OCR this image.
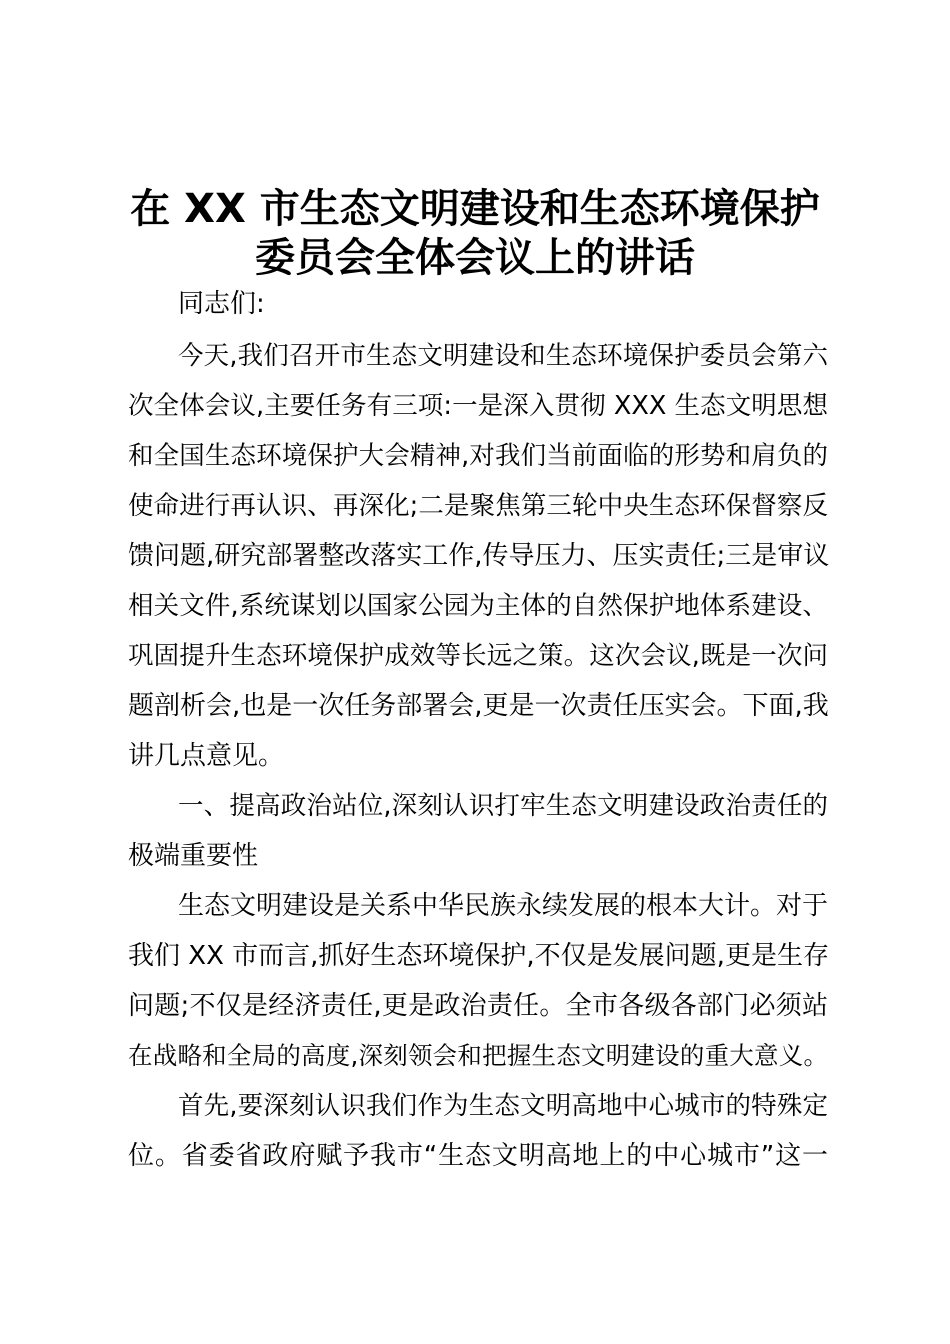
在 XX 市生态文明建设和生态环境保护
委员会全体会议上的讲话
同志们:
今天,我们召开市生态文明建设和生态环境保护委员会第六
次全体会议,主要任务有三项:一是深入贯彻 XXX 生态文明思想
和全国生态环境保护大会精神,对我们当前面临的形势和肩负的
使命进行再认识、再深化;二是聚焦第三轮中央生态环保督察反
馈问题,研究部署整改落实工作,传导压力、压实责任;三是审议
相关文件,系统谋划以国家公园为主体的自然保护地体系建设、
巩固提升生态环境保护成效等长远之策。这次会议,既是一次问
题剖析会,也是一次任务部署会,更是一次责任压实会。下面,我
讲几点意见。
一、提高政治站位,深刻认识打牢生态文明建设政治责任的
极端重要性
生态文明建设是关系中华民族永续发展的根本大计。对于
我们 XX 市而言,抓好生态环境保护,不仅是发展问题,更是生存
问题;不仅是经济责任,更是政治责任。全市各级各部门必须站
在战略和全局的高度,深刻领会和把握生态文明建设的重大意义。
首先,要深刻认识我们作为生态文明高地中心城市的特殊定
位。省委省政府赋予我市“生态文明高地上的中心城市”这一
